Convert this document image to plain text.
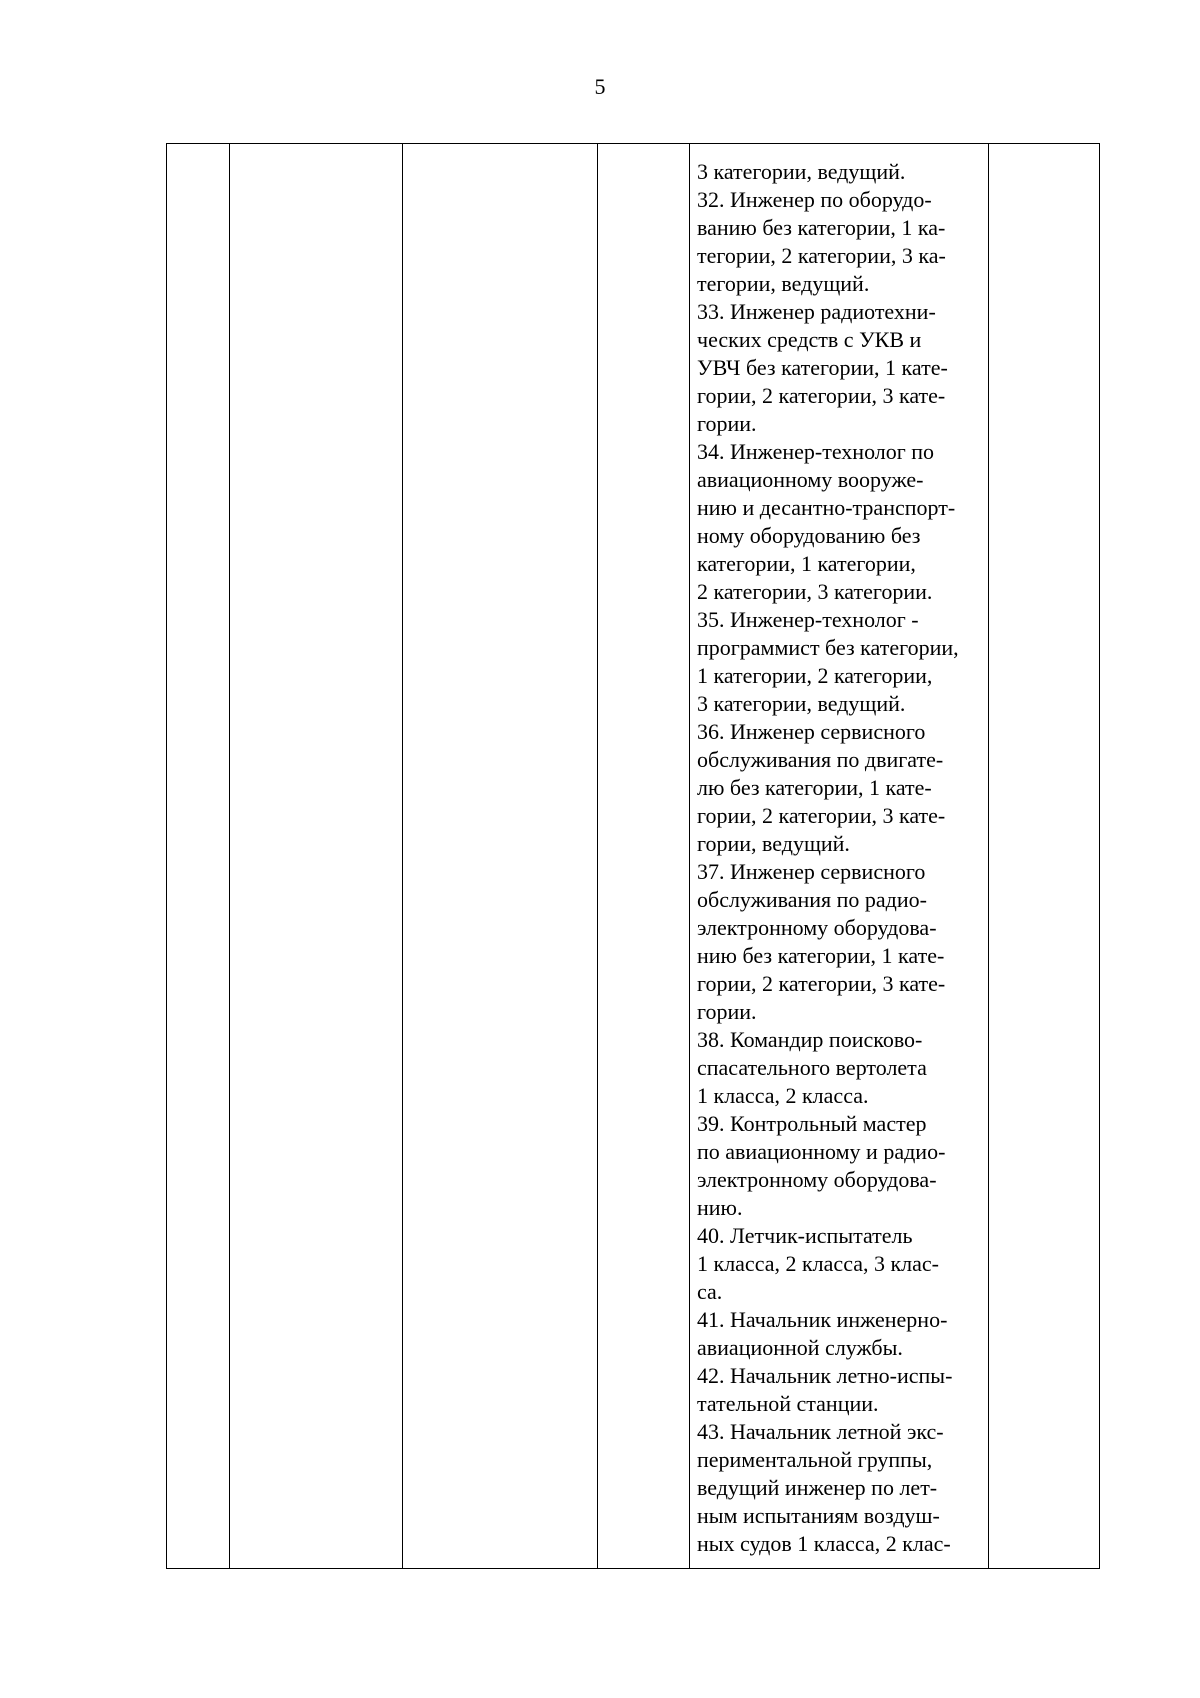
5

3 категории, ведущий.
32. Инженер по оборудо-
ванию без категории, 1 ка-
тегории, 2 категории, 3 ка-
тегории, ведущий.
33. Инженер радиотехни-
ческих средств с УКВ и
УВЧ без категории, 1 кате-
гории, 2 категории, 3 кате-
гории.
34. Инженер-технолог по
авиационному вооруже-
нию и десантно-транспорт-
ному оборудованию без
категории, 1 категории,
2 категории, 3 категории.
35. Инженер-технолог -
программист без категории,
1 категории, 2 категории,
3 категории, ведущий.
36. Инженер сервисного
обслуживания по двигате-
лю без категории, 1 кате-
гории, 2 категории, 3 кате-
гории, ведущий.
37. Инженер сервисного
обслуживания по радио-
электронному оборудова-
нию без категории, 1 кате-
гории, 2 категории, 3 кате-
гории.
38. Командир поисково-
спасательного вертолета
1 класса, 2 класса.
39. Контрольный мастер
по авиационному и радио-
электронному оборудова-
нию.
40. Летчик-испытатель
1 класса, 2 класса, 3 клас-
са.
41. Начальник инженерно-
авиационной службы.
42. Начальник летно-испы-
тательной станции.
43. Начальник летной экс-
периментальной группы,
ведущий инженер по лет-
ным испытаниям воздуш-
ных судов 1 класса, 2 клас-
